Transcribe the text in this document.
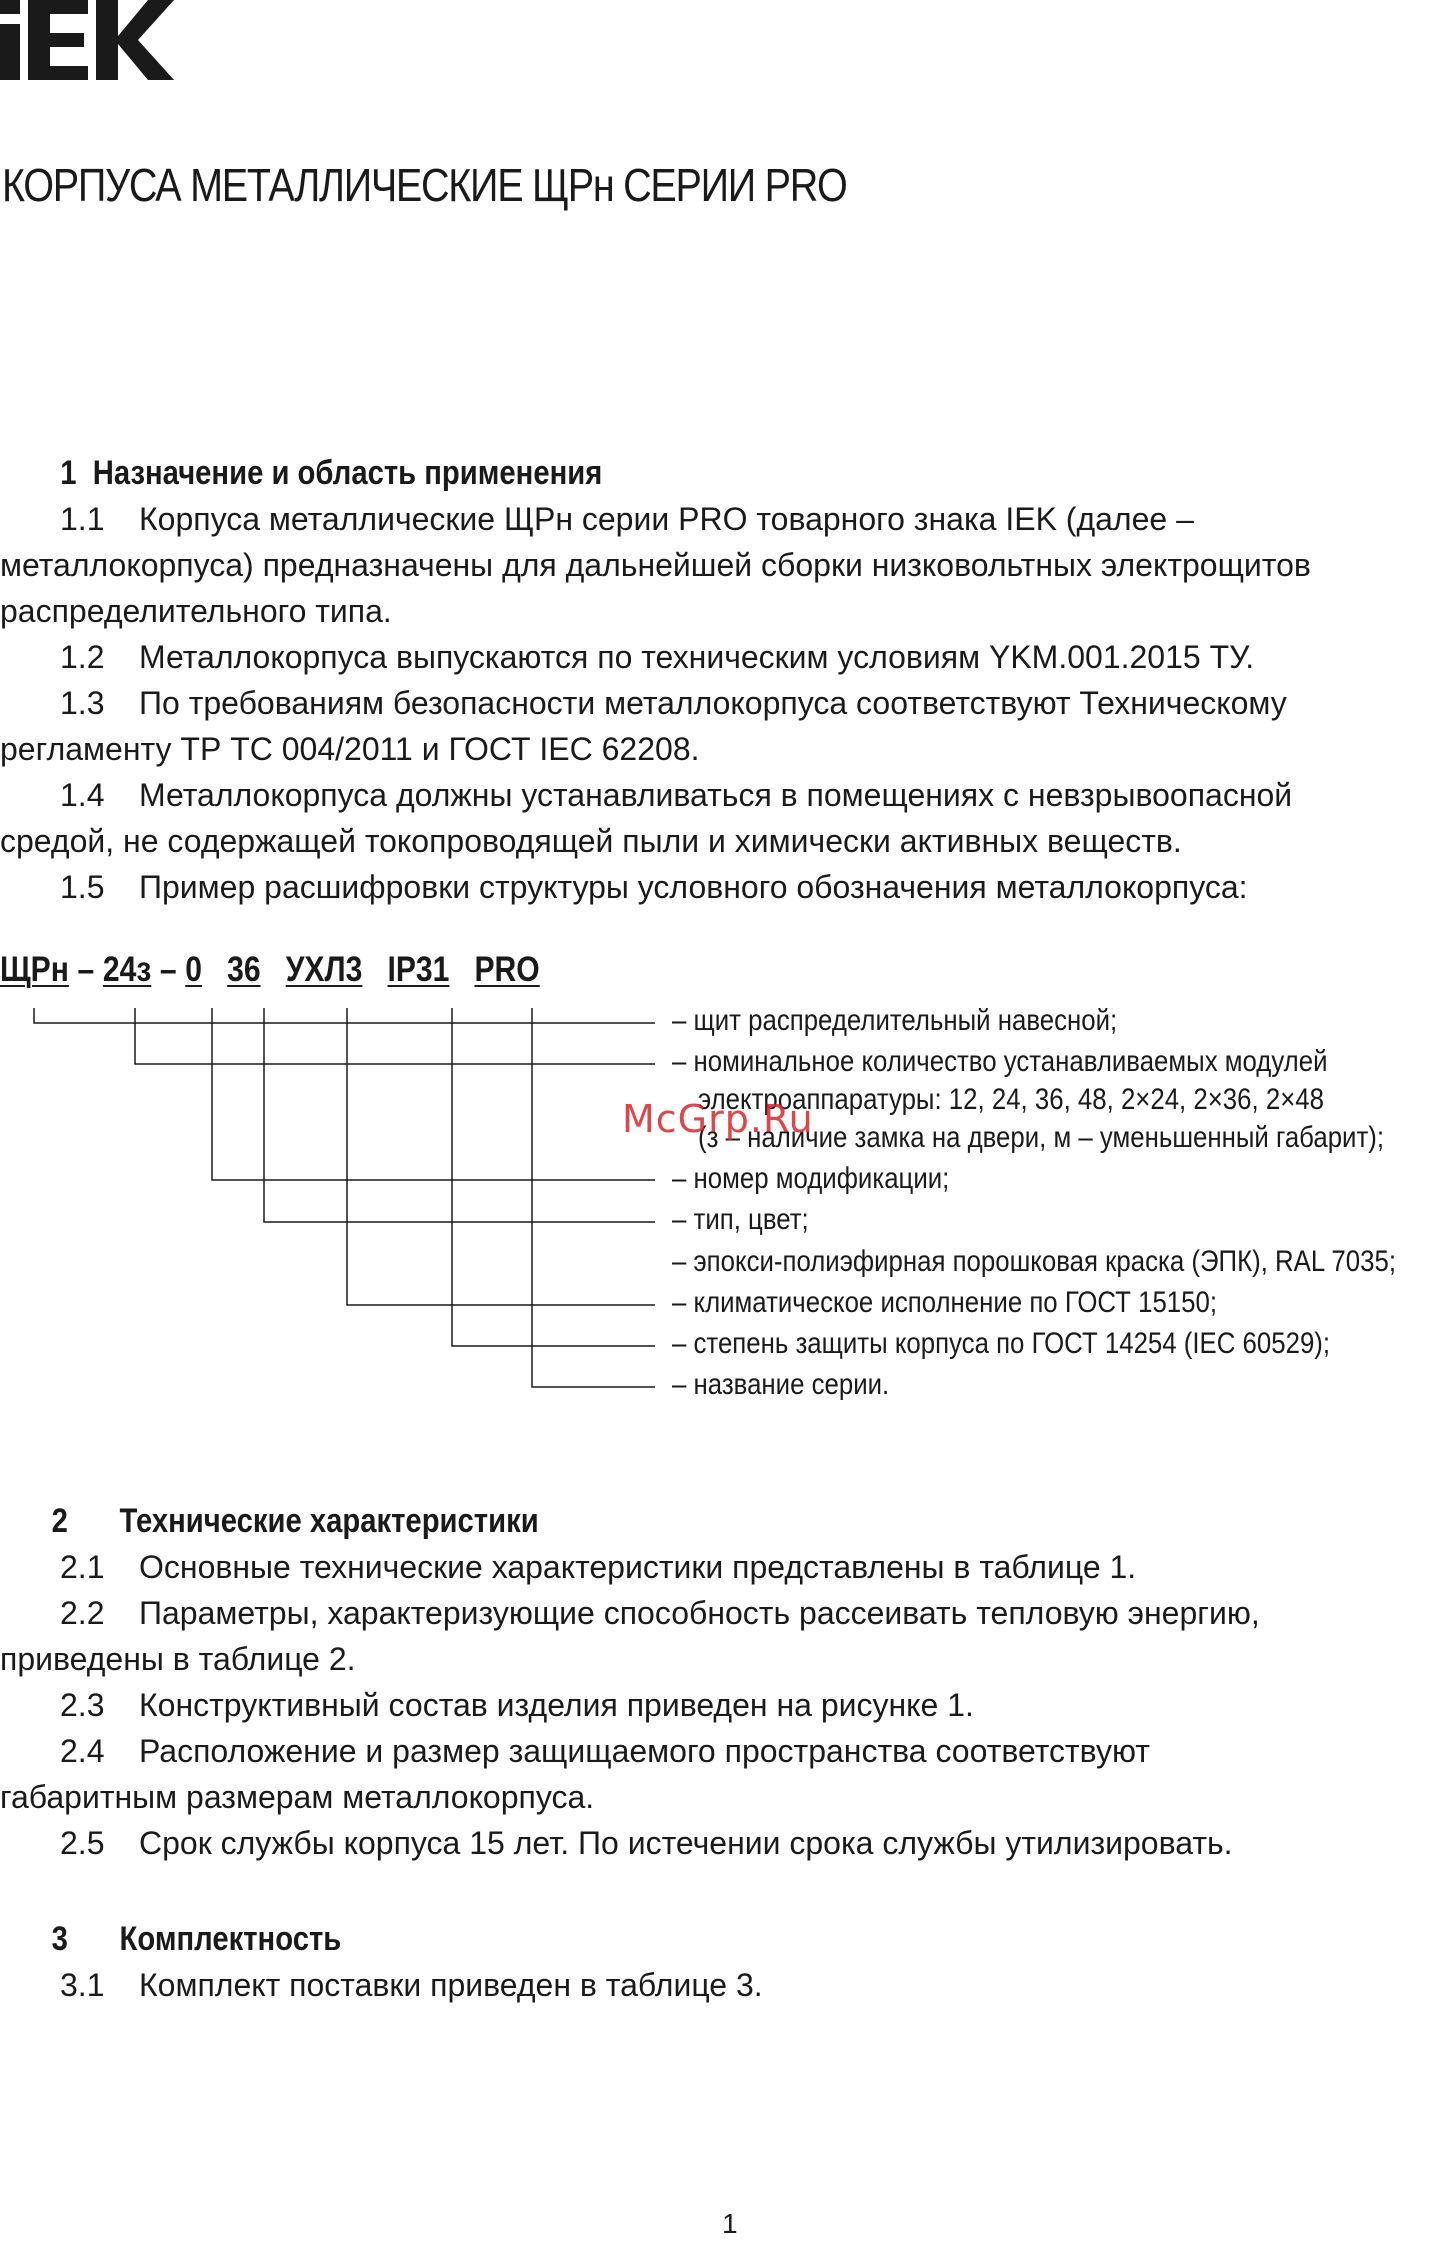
КОРПУСА МЕТАЛЛИЧЕСКИЕ ЩРн СЕРИИ PRO
1 Назначение и область применения
1.1 Корпуса металлические ЩРн серии PRO товарного знака IEK (далее –
металлокорпуса) предназначены для дальнейшей сборки низковольтных электрощитов
распределительного типа.
1.2 Металлокорпуса выпускаются по техническим условиям YKM.001.2015 ТУ.
1.3 По требованиям безопасности металлокорпуса соответствуют Техническому
регламенту ТР ТС 004/2011 и ГОСТ IEC 62208.
1.4 Металлокорпуса должны устанавливаться в помещениях с невзрывоопасной
средой, не содержащей токопроводящей пыли и химически активных веществ.
1.5 Пример расшифровки структуры условного обозначения металлокорпуса:
ЩРн – 24з – 0 36 УХЛ3 IP31 PRO
– щит распределительный навесной;
– номинальное количество устанавливаемых модулей
электроаппаратуры: 12, 24, 36, 48, 2×24, 2×36, 2×48
(з – наличие замка на двери, м – уменьшенный габарит);
– номер модификации;
– тип, цвет;
– эпокси-полиэфирная порошковая краска (ЭПК), RAL 7035;
– климатическое исполнение по ГОСТ 15150;
– степень защиты корпуса по ГОСТ 14254 (IEC 60529);
– название серии.
McGrp.Ru
2 Технические характеристики
2.1 Основные технические характеристики представлены в таблице 1.
2.2 Параметры, характеризующие способность рассеивать тепловую энергию,
приведены в таблице 2.
2.3 Конструктивный состав изделия приведен на рисунке 1.
2.4 Расположение и размер защищаемого пространства соответствуют
габаритным размерам металлокорпуса.
2.5 Срок службы корпуса 15 лет. По истечении срока службы утилизировать.
3 Комплектность
3.1 Комплект поставки приведен в таблице 3.
1
